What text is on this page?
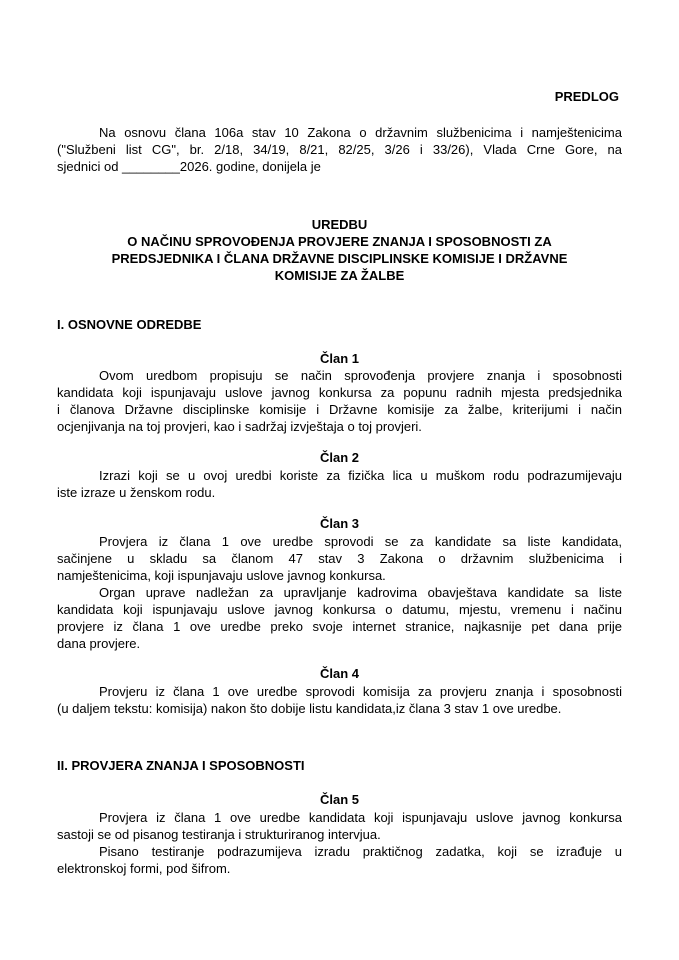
PREDLOG
Na osnovu člana 106a stav 10 Zakona o državnim službenicima i namještenicima
("Službeni list CG", br. 2/18, 34/19, 8/21, 82/25, 3/26 i 33/26), Vlada Crne Gore, na
sjednici od ________2026. godine, donijela je
UREDBU
O NAČINU SPROVOĐENJA PROVJERE ZNANJA I SPOSOBNOSTI ZA
PREDSJEDNIKA I ČLANA DRŽAVNE DISCIPLINSKE KOMISIJE I DRŽAVNE
KOMISIJE ZA ŽALBE
I. OSNOVNE ODREDBE
Član 1
Ovom uredbom propisuju se način sprovođenja provjere znanja i sposobnosti
kandidata koji ispunjavaju uslove javnog konkursa za popunu radnih mjesta predsjednika
i članova Državne disciplinske komisije i Državne komisije za žalbe, kriterijumi i način
ocjenjivanja na toj provjeri, kao i sadržaj izvještaja o toj provjeri.
Član 2
Izrazi koji se u ovoj uredbi koriste za fizička lica u muškom rodu podrazumijevaju
iste izraze u ženskom rodu.
Član 3
Provjera iz člana 1 ove uredbe sprovodi se za kandidate sa liste kandidata,
sačinjene u skladu sa članom 47 stav 3 Zakona o državnim službenicima i
namještenicima, koji ispunjavaju uslove javnog konkursa.
Organ uprave nadležan za upravljanje kadrovima obavještava kandidate sa liste
kandidata koji ispunjavaju uslove javnog konkursa o datumu, mjestu, vremenu i načinu
provjere iz člana 1 ove uredbe preko svoje internet stranice, najkasnije pet dana prije
dana provjere.
Član 4
Provjeru iz člana 1 ove uredbe sprovodi komisija za provjeru znanja i sposobnosti
(u daljem tekstu: komisija) nakon što dobije listu kandidata,iz člana 3 stav 1 ove uredbe.
II. PROVJERA ZNANJA I SPOSOBNOSTI
Član 5
Provjera iz člana 1 ove uredbe kandidata koji ispunjavaju uslove javnog konkursa
sastoji se od pisanog testiranja i strukturiranog intervjua.
Pisano testiranje podrazumijeva izradu praktičnog zadatka, koji se izrađuje u
elektronskoj formi, pod šifrom.
